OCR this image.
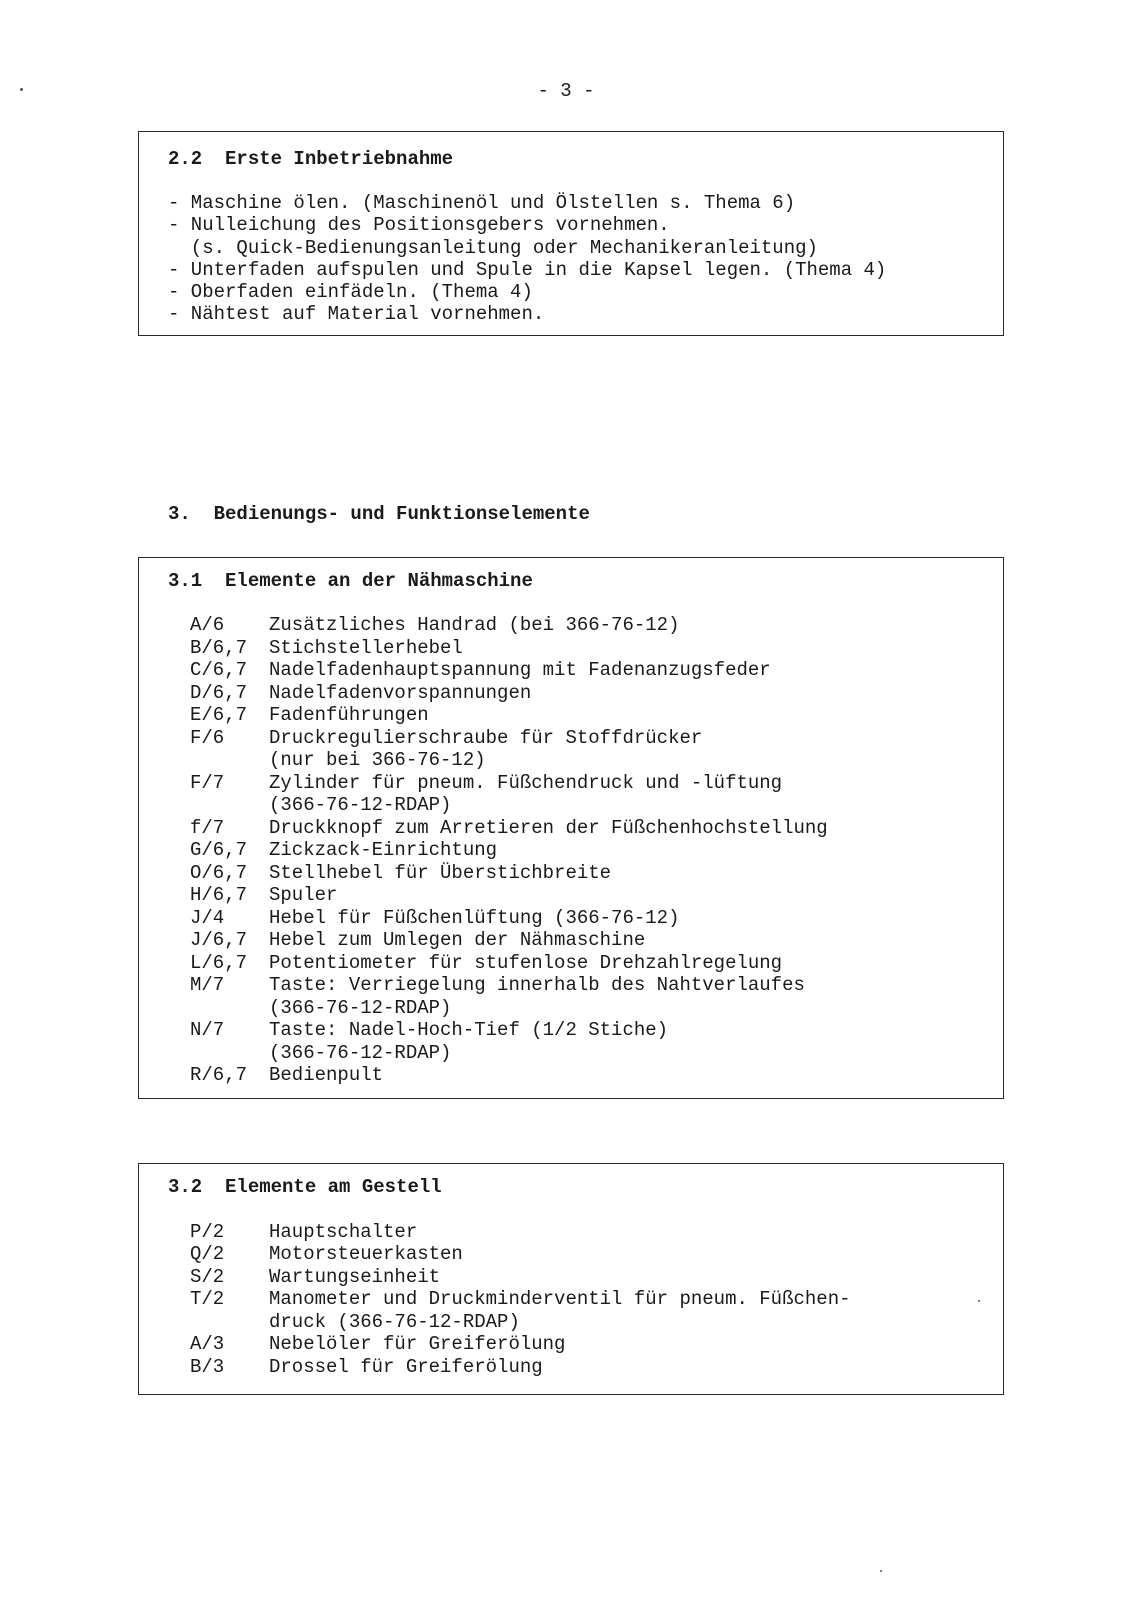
- 3 -
2.2  Erste Inbetriebnahme
- Maschine ölen. (Maschinenöl und Ölstellen s. Thema 6)
- Nulleichung des Positionsgebers vornehmen.
(s. Quick-Bedienungsanleitung oder Mechanikeranleitung)
- Unterfaden aufspulen und Spule in die Kapsel legen. (Thema 4)
- Oberfaden einfädeln. (Thema 4)
- Nähtest auf Material vornehmen.
3.  Bedienungs- und Funktionselemente
3.1  Elemente an der Nähmaschine
A/6 Zusätzliches Handrad (bei 366-76-12)
B/6,7 Stichstellerhebel
C/6,7 Nadelfadenhauptspannung mit Fadenanzugsfeder
D/6,7 Nadelfadenvorspannungen
E/6,7 Fadenführungen
F/6 Druckregulierschraube für Stoffdrücker
(nur bei 366-76-12)
F/7 Zylinder für pneum. Füßchendruck und -lüftung
(366-76-12-RDAP)
f/7 Druckknopf zum Arretieren der Füßchenhochstellung
G/6,7 Zickzack-Einrichtung
O/6,7 Stellhebel für Überstichbreite
H/6,7 Spuler
J/4 Hebel für Füßchenlüftung (366-76-12)
J/6,7 Hebel zum Umlegen der Nähmaschine
L/6,7 Potentiometer für stufenlose Drehzahlregelung
M/7 Taste: Verriegelung innerhalb des Nahtverlaufes
(366-76-12-RDAP)
N/7 Taste: Nadel-Hoch-Tief (1/2 Stiche)
(366-76-12-RDAP)
R/6,7 Bedienpult
3.2  Elemente am Gestell
P/2 Hauptschalter
Q/2 Motorsteuerkasten
S/2 Wartungseinheit
T/2 Manometer und Druckminderventil für pneum. Füßchen-
druck (366-76-12-RDAP)
A/3 Nebelöler für Greiferölung
B/3 Drossel für Greiferölung
